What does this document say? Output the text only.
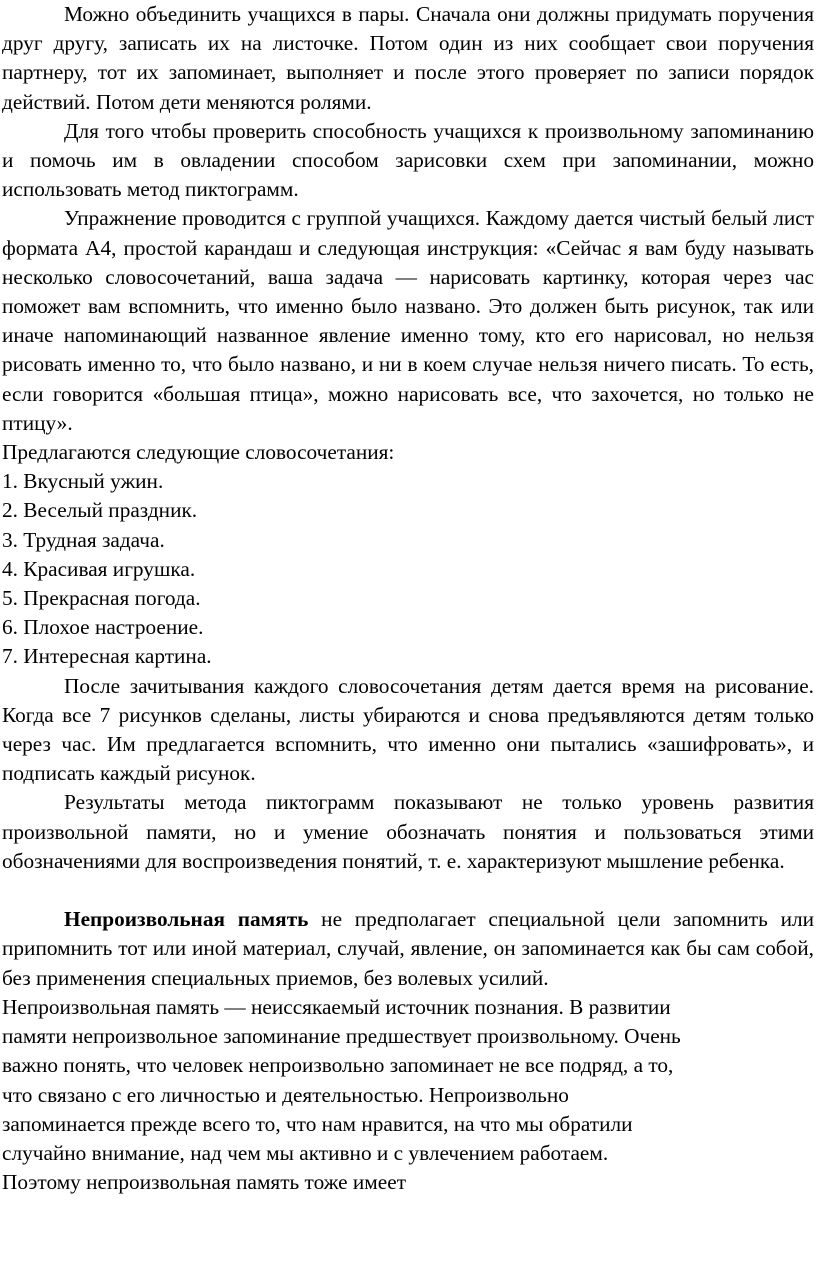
Можно объединить учащихся в пары. Сначала они должны придумать поручения друг другу, записать их на листочке. Потом один из них сообщает свои поручения партнеру, тот их запоминает, выполняет и после этого проверяет по записи порядок действий. Потом дети меняются ролями.

Для того чтобы проверить способность учащихся к произвольному запоминанию и помочь им в овладении способом зарисовки схем при запоминании, можно использовать метод пиктограмм.

Упражнение проводится с группой учащихся. Каждому дается чистый белый лист формата А4, простой карандаш и следующая инструкция: «Сейчас я вам буду называть несколько словосочетаний, ваша задача — нарисовать картинку, которая через час поможет вам вспомнить, что именно было названо. Это должен быть рисунок, так или иначе напоминающий названное явление именно тому, кто его нарисовал, но нельзя рисовать именно то, что было названо, и ни в коем случае нельзя ничего писать. То есть, если говорится «большая птица», можно нарисовать все, что захочется, но только не птицу».

Предлагаются следующие словосочетания:

1. Вкусный ужин.
2. Веселый праздник.
3. Трудная задача.
4. Красивая игрушка.
5. Прекрасная погода.
6. Плохое настроение.
7. Интересная картина.

После зачитывания каждого словосочетания детям дается время на рисование. Когда все 7 рисунков сделаны, листы убираются и снова предъявляются детям только через час. Им предлагается вспомнить, что именно они пытались «зашифровать», и подписать каждый рисунок.

Результаты метода пиктограмм показывают не только уровень развития произвольной памяти, но и умение обозначать понятия и пользоваться этими обозначениями для воспроизведения понятий, т. е. характеризуют мышление ребенка.

Непроизвольная память не предполагает специальной цели запомнить или припомнить тот или иной материал, случай, явление, он запоминается как бы сам собой, без применения специальных приемов, без волевых усилий.

Непроизвольная память — неиссякаемый источник познания. В развитии
памяти непроизвольное запоминание предшествует произвольному. Очень
важно понять, что человек непроизвольно запоминает не все подряд, а то,
что связано с его личностью и деятельностью. Непроизвольно
запоминается прежде всего то, что нам нравится, на что мы обратили
случайно внимание, над чем мы активно и с увлечением работаем.
Поэтому непроизвольная память тоже имеет
